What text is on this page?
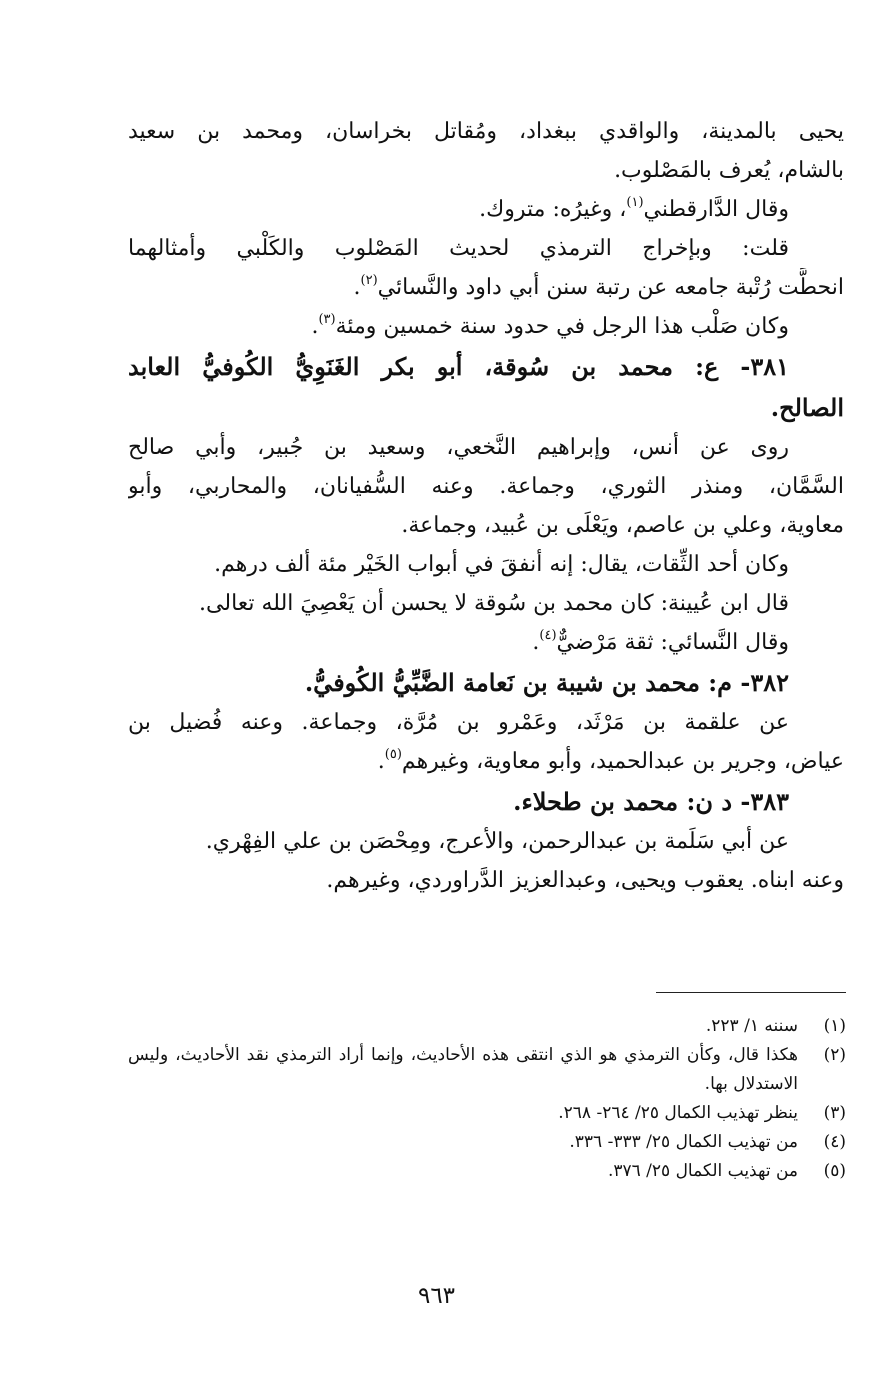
يحيى بالمدينة، والواقدي ببغداد، ومُقاتل بخراسان، ومحمد بن سعيد
بالشام، يُعرف بالمَصْلوب.
وقال الدَّارقطني$^{(١)}$، وغيرُه: متروك.
قلت: وبإخراج الترمذي لحديث المَصْلوب والكَلْبي وأمثالهما
انحطَّت رُتْبة جامعه عن رتبة سنن أبي داود والنَّسائي$^{(٢)}$.
وكان صَلْب هذا الرجل في حدود سنة خمسين ومئة$^{(٣)}$.
٣٨١- ع: محمد بن سُوقة، أبو بكر الغَنَوِيُّ الكُوفيُّ العابد
الصالح.
روى عن أنس، وإبراهيم النَّخعي، وسعيد بن جُبير، وأبي صالح
السَّمَّان، ومنذر الثوري، وجماعة. وعنه السُّفيانان، والمحاربي، وأبو
معاوية، وعلي بن عاصم، ويَعْلَى بن عُبيد، وجماعة.
وكان أحد الثِّقات، يقال: إنه أنفقَ في أبواب الخَيْر مئة ألف درهم.
قال ابن عُيينة: كان محمد بن سُوقة لا يحسن أن يَعْصِيَ الله تعالى.
وقال النَّسائي: ثقة مَرْضيٌّ$^{(٤)}$.
٣٨٢- م: محمد بن شيبة بن نَعامة الضَّبِّيُّ الكُوفيُّ.
عن علقمة بن مَرْثَد، وعَمْرو بن مُرَّة، وجماعة. وعنه فُضيل بن
عياض، وجرير بن عبدالحميد، وأبو معاوية، وغيرهم$^{(٥)}$.
٣٨٣- د ن: محمد بن طحلاء.
عن أبي سَلَمة بن عبدالرحمن، والأعرج، ومِحْصَن بن علي الفِهْري.
وعنه ابناه. يعقوب ويحيى، وعبدالعزيز الدَّراوردي، وغيرهم.
(١)
سننه ١/ ٢٢٣.
(٢)
هكذا قال، وكأن الترمذي هو الذي انتقى هذه الأحاديث، وإنما أراد الترمذي نقد الأحاديث، وليس الاستدلال بها.
(٣)
ينظر تهذيب الكمال ٢٥/ ٢٦٤- ٢٦٨.
(٤)
من تهذيب الكمال ٢٥/ ٣٣٣- ٣٣٦.
(٥)
من تهذيب الكمال ٢٥/ ٣٧٦.
٩٦٣
